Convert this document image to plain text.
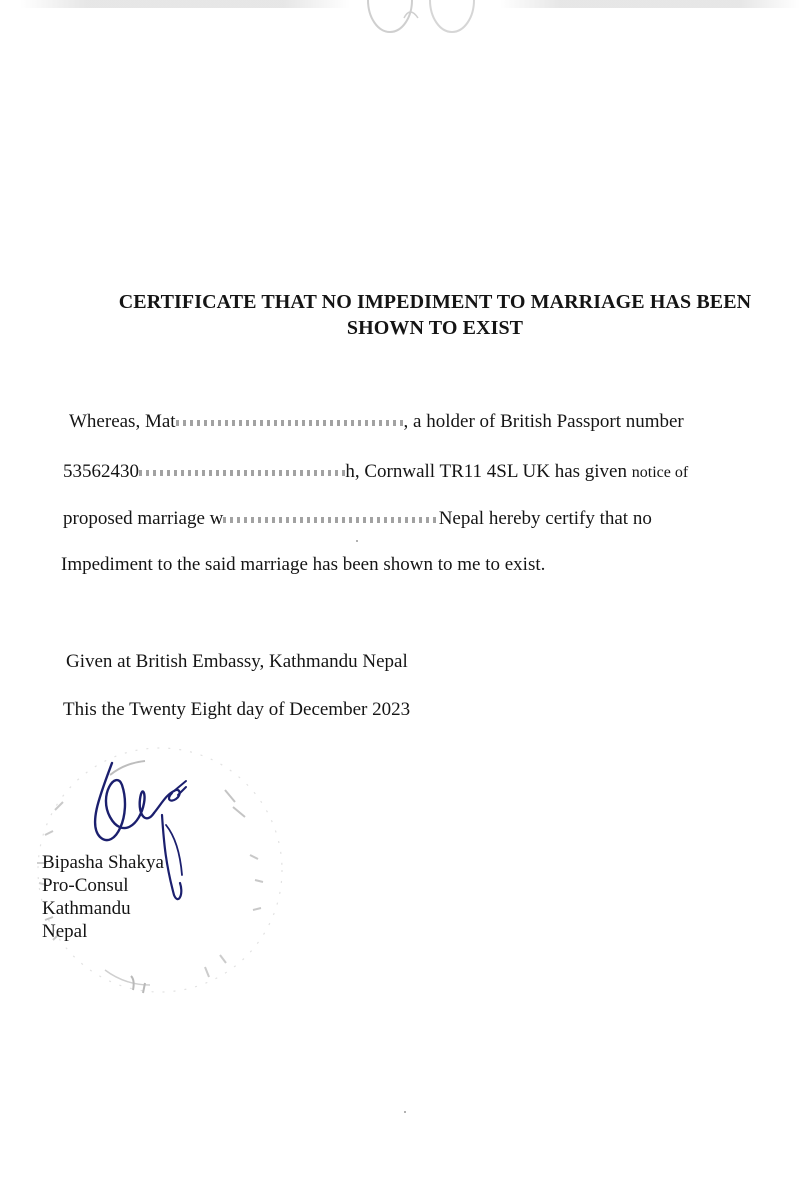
CERTIFICATE THAT NO IMPEDIMENT TO MARRIAGE HAS BEEN
SHOWN TO EXIST
Whereas, Mat	, a holder of British Passport number
53562430	h, Cornwall TR11 4SL UK has given notice of
proposed marriage w	Nepal hereby certify that no
Impediment to the said marriage has been shown to me to exist.
Given at British Embassy, Kathmandu Nepal
This the Twenty Eight day of December 2023
Bipasha Shakya
Pro-Consul
Kathmandu
Nepal
